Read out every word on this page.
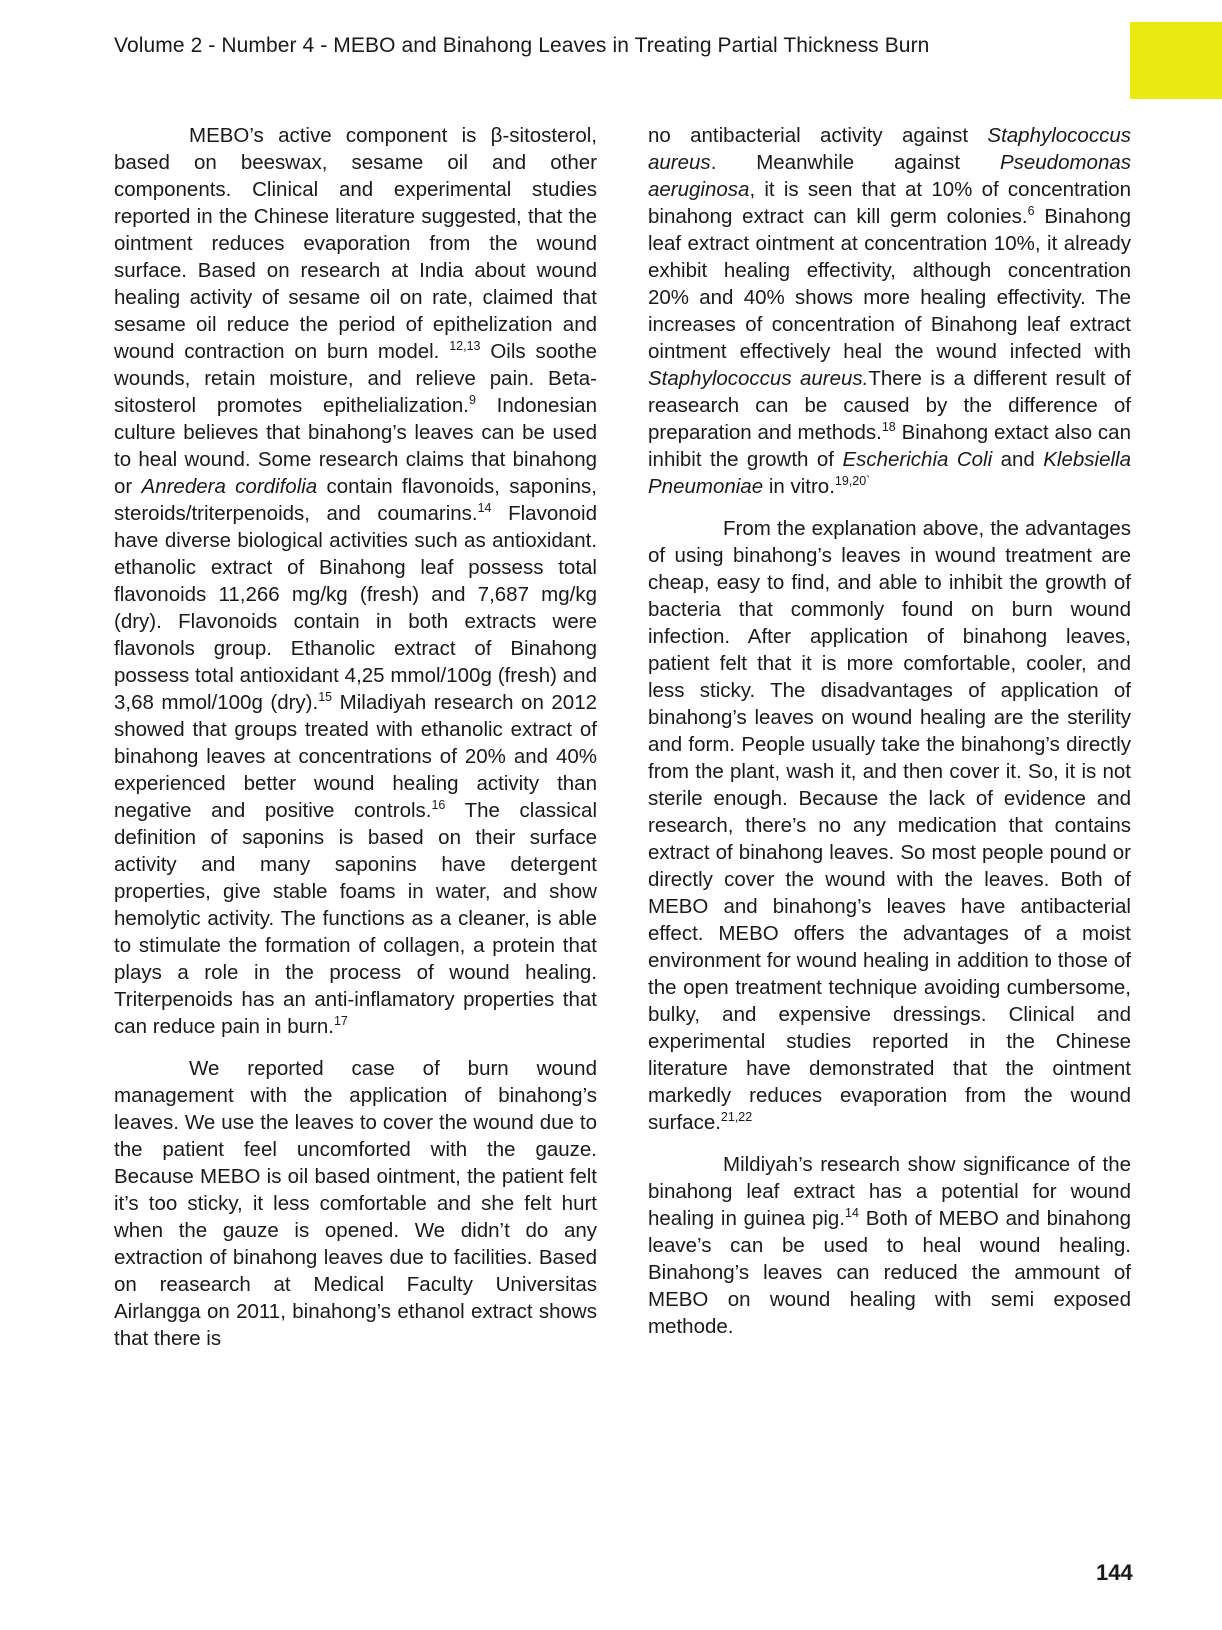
Volume 2 - Number 4 - MEBO and Binahong Leaves in Treating Partial Thickness Burn

MEBO’s active component is β-sitosterol, based on beeswax, sesame oil and other components. Clinical and experimental studies reported in the Chinese literature suggested, that the ointment reduces evaporation from the wound surface. Based on research at India about wound healing activity of sesame oil on rate, claimed that sesame oil reduce the period of epithelization and wound contraction on burn model. $^{12,13}$ Oils soothe wounds, retain moisture, and relieve pain. Beta-sitosterol promotes epithelialization.$^9$ Indonesian culture believes that binahong’s leaves can be used to heal wound. Some research claims that binahong or Anredera cordifolia contain flavonoids, saponins, steroids/triterpenoids, and coumarins.$^{14}$ Flavonoid have diverse biological activities such as antioxidant. ethanolic extract of Binahong leaf possess total flavonoids 11,266 mg/kg (fresh) and 7,687 mg/kg (dry). Flavonoids contain in both extracts were flavonols group. Ethanolic extract of Binahong possess total antioxidant 4,25 mmol/100g (fresh) and 3,68 mmol/100g (dry).$^{15}$ Miladiyah research on 2012 showed that groups treated with ethanolic extract of binahong leaves at concentrations of 20% and 40% experienced better wound healing activity than negative and positive controls.$^{16}$ The classical definition of saponins is based on their surface activity and many saponins have detergent properties, give stable foams in water, and show hemolytic activity. The functions as a cleaner, is able to stimulate the formation of collagen, a protein that plays a role in the process of wound healing. Triterpenoids has an anti-inflamatory properties that can reduce pain in burn.$^{17}$

We reported case of burn wound management with the application of binahong’s leaves. We use the leaves to cover the wound due to the patient feel uncomforted with the gauze. Because MEBO is oil based ointment, the patient felt it’s too sticky, it less comfortable and she felt hurt when the gauze is opened. We didn’t do any extraction of binahong leaves due to facilities. Based on reasearch at Medical Faculty Universitas Airlangga on 2011, binahong’s ethanol extract shows that there is

no antibacterial activity against Staphylococcus aureus. Meanwhile against Pseudomonas aeruginosa, it is seen that at 10% of concentration binahong extract can kill germ colonies.$^6$ Binahong leaf extract ointment at concentration 10%, it already exhibit healing effectivity, although concentration 20% and 40% shows more healing effectivity. The increases of concentration of Binahong leaf extract ointment effectively heal the wound infected with Staphylococcus aureus.There is a different result of reasearch can be caused by the difference of preparation and methods.$^{18}$ Binahong extact also can inhibit the growth of Escherichia Coli and Klebsiella Pneumoniae in vitro.$^{19,20`}$

From the explanation above, the advantages of using binahong’s leaves in wound treatment are cheap, easy to find, and able to inhibit the growth of bacteria that commonly found on burn wound infection. After application of binahong leaves, patient felt that it is more comfortable, cooler, and less sticky. The disadvantages of application of binahong’s leaves on wound healing are the sterility and form. People usually take the binahong’s directly from the plant, wash it, and then cover it. So, it is not sterile enough. Because the lack of evidence and research, there’s no any medication that contains extract of binahong leaves. So most people pound or directly cover the wound with the leaves. Both of MEBO and binahong’s leaves have antibacterial effect. MEBO offers the advantages of a moist environment for wound healing in addition to those of the open treatment technique avoiding cumbersome, bulky, and expensive dressings. Clinical and experimental studies reported in the Chinese literature have demonstrated that the ointment markedly reduces evaporation from the wound surface.$^{21,22}$

Mildiyah’s research show significance of the binahong leaf extract has a potential for wound healing in guinea pig.$^{14}$ Both of MEBO and binahong leave’s can be used to heal wound healing. Binahong’s leaves can reduced the ammount of MEBO on wound healing with semi exposed methode.

144
